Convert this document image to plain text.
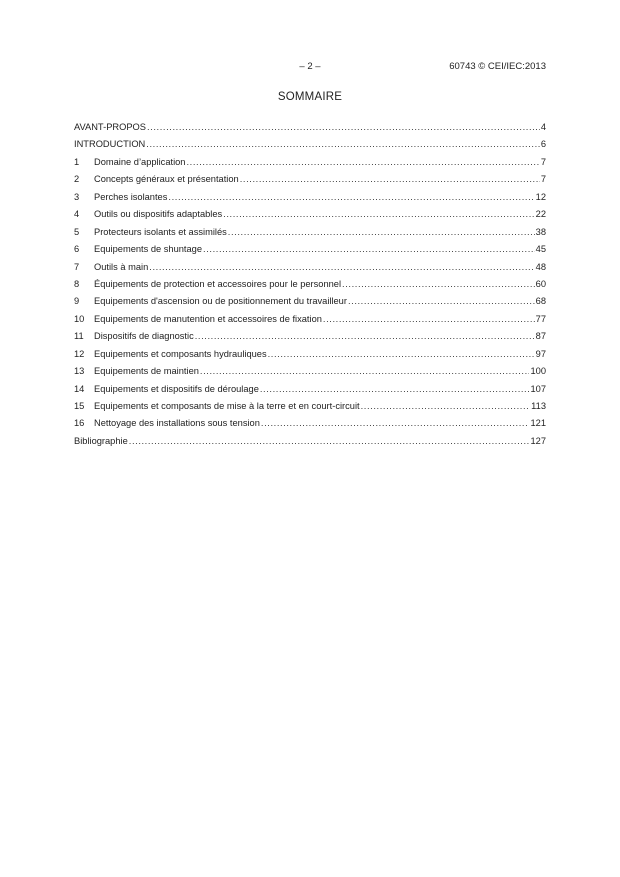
– 2 –	60743 © CEI/IEC:2013
SOMMAIRE
AVANT-PROPOS .....	4
INTRODUCTION .....	6
1	Domaine d’application .....	7
2	Concepts généraux et présentation .....	7
3	Perches isolantes .....	12
4	Outils ou dispositifs adaptables .....	22
5	Protecteurs isolants et assimilés .....	38
6	Equipements de shuntage .....	45
7	Outils à main .....	48
8	Équipements de protection et accessoires pour le personnel .....	60
9	Equipements d'ascension ou de positionnement du travailleur .....	68
10	Equipements de manutention et accessoires de fixation .....	77
11	Dispositifs de diagnostic .....	87
12	Equipements et composants hydrauliques .....	97
13	Equipements de maintien .....	100
14	Equipements et dispositifs de déroulage .....	107
15	Equipements et composants de mise à la terre et en court-circuit .....	113
16	Nettoyage des installations sous tension .....	121
Bibliographie .....	127
